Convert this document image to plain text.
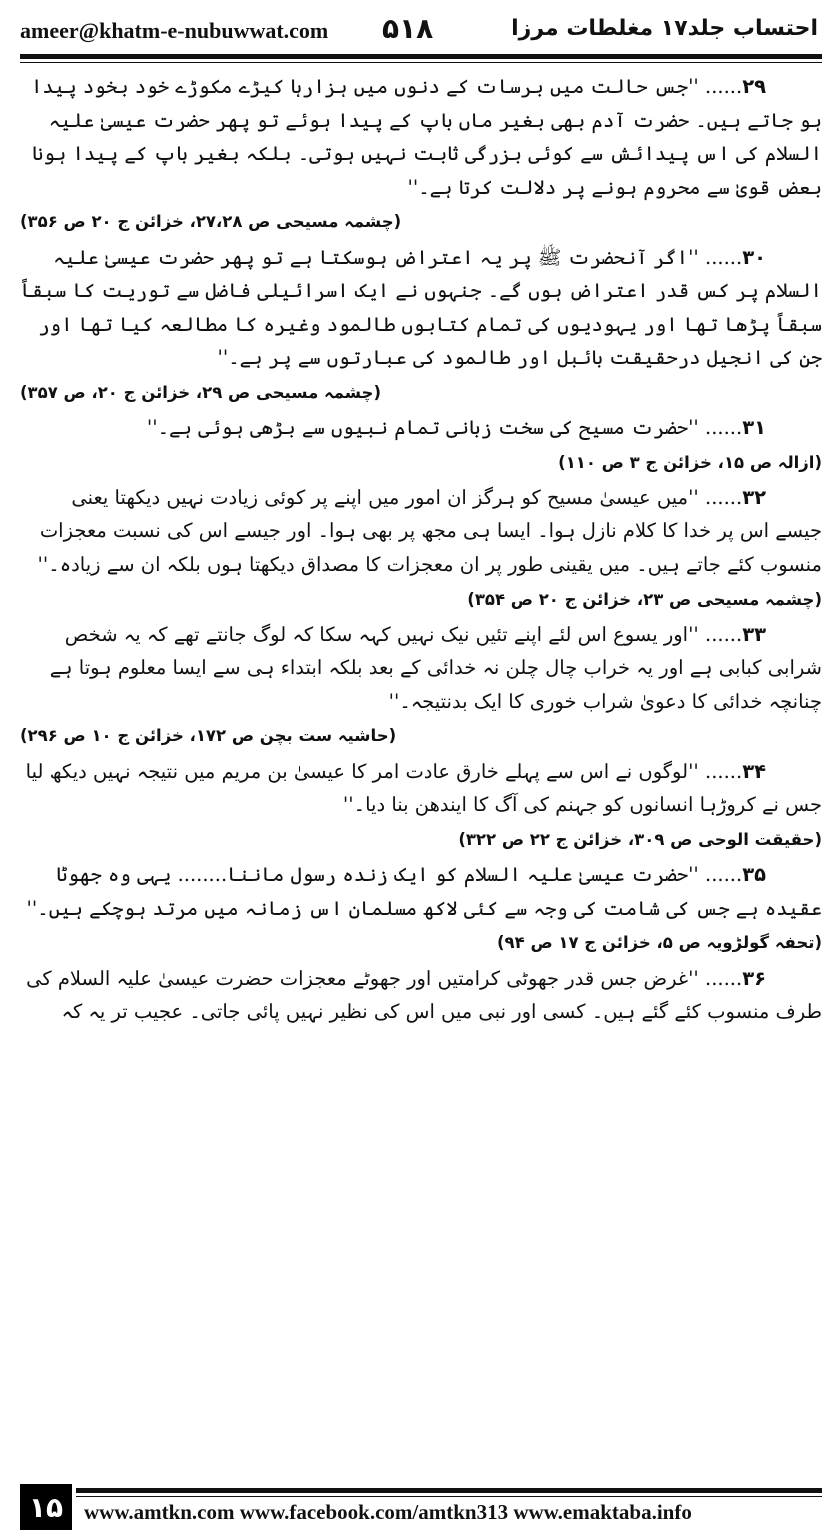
ameer@khatm-e-nubuwwat.com ۵۱۸	احتساب جلد۱۷ مغلطات مرزا

۲۹...... ''جس حالت میں برسات کے دنوں میں ہزارہا کیڑے مکوڑے خود بخود پیدا ہو جاتے ہیں۔ حضرت آدم بھی بغیر ماں باپ کے پیدا ہوئے تو پھر حضرت عیسیٰ علیہ السلام کی اس پیدائش سے کوئی بزرگی ثابت نہیں ہوتی۔ بلکہ بغیر باپ کے پیدا ہونا بعض قویٰ سے محروم ہونے پر دلالت کرتا ہے۔''

(چشمہ مسیحی ص ۲۷،۲۸، خزائن ج ۲۰ ص ۳۵۶)

۳۰...... ''اگر آنحضرت ﷺ پر یہ اعتراض ہوسکتا ہے تو پھر حضرت عیسیٰ علیہ السلام پر کس قدر اعتراض ہوں گے۔ جنہوں نے ایک اسرائیلی فاضل سے توریت کا سبقاً سبقاً پڑھا تھا اور یہودیوں کی تمام کتابوں طالمود وغیرہ کا مطالعہ کیا تھا اور جن کی انجیل درحقیقت بائبل اور طالمود کی عبارتوں سے پر ہے۔''

(چشمہ مسیحی ص ۲۹، خزائن ج ۲۰، ص ۳۵۷)

۳۱...... ''حضرت مسیح کی سخت زبانی تمام نبیوں سے بڑھی ہوئی ہے۔''

(ازالہ ص ۱۵، خزائن ج ۳ ص ۱۱۰)

۳۲...... ''میں عیسیٰ مسیح کو ہرگز ان امور میں اپنے پر کوئی زیادت نہیں دیکھتا یعنی جیسے اس پر خدا کا کلام نازل ہوا۔ ایسا ہی مجھ پر بھی ہوا۔ اور جیسے اس کی نسبت معجزات منسوب کئے جاتے ہیں۔ میں یقینی طور پر ان معجزات کا مصداق دیکھتا ہوں بلکہ ان سے زیادہ۔''

(چشمہ مسیحی ص ۲۳، خزائن ج ۲۰ ص ۳۵۴)

۳۳...... ''اور یسوع اس لئے اپنے تئیں نیک نہیں کہہ سکا کہ لوگ جانتے تھے کہ یہ شخص شرابی کبابی ہے اور یہ خراب چال چلن نہ خدائی کے بعد بلکہ ابتداء ہی سے ایسا معلوم ہوتا ہے چنانچہ خدائی کا دعویٰ شراب خوری کا ایک بدنتیجہ۔''

(حاشیہ ست بچن ص ۱۷۲، خزائن ج ۱۰ ص ۲۹۶)

۳۴...... ''لوگوں نے اس سے پہلے خارق عادت امر کا عیسیٰ بن مریم میں نتیجہ نہیں دیکھ لیا جس نے کروڑہا انسانوں کو جہنم کی آگ کا ایندھن بنا دیا۔''

(حقیقت الوحی ص ۳۰۹، خزائن ج ۲۲ ص ۳۲۲)

۳۵...... ''حضرت عیسیٰ علیہ السلام کو ایک زندہ رسول ماننا........ یہی وہ جھوٹا عقیدہ ہے جس کی شامت کی وجہ سے کئی لاکھ مسلمان اس زمانہ میں مرتد ہوچکے ہیں۔''

(تحفہ گولڑویہ ص ۵، خزائن ج ۱۷ ص ۹۴)

۳۶...... ''غرض جس قدر جھوٹی کرامتیں اور جھوٹے معجزات حضرت عیسیٰ علیہ السلام کی طرف منسوب کئے گئے ہیں۔ کسی اور نبی میں اس کی نظیر نہیں پائی جاتی۔ عجیب تر یہ کہ

۱۵ www.amtkn.com www.facebook.com/amtkn313 www.emaktaba.info
